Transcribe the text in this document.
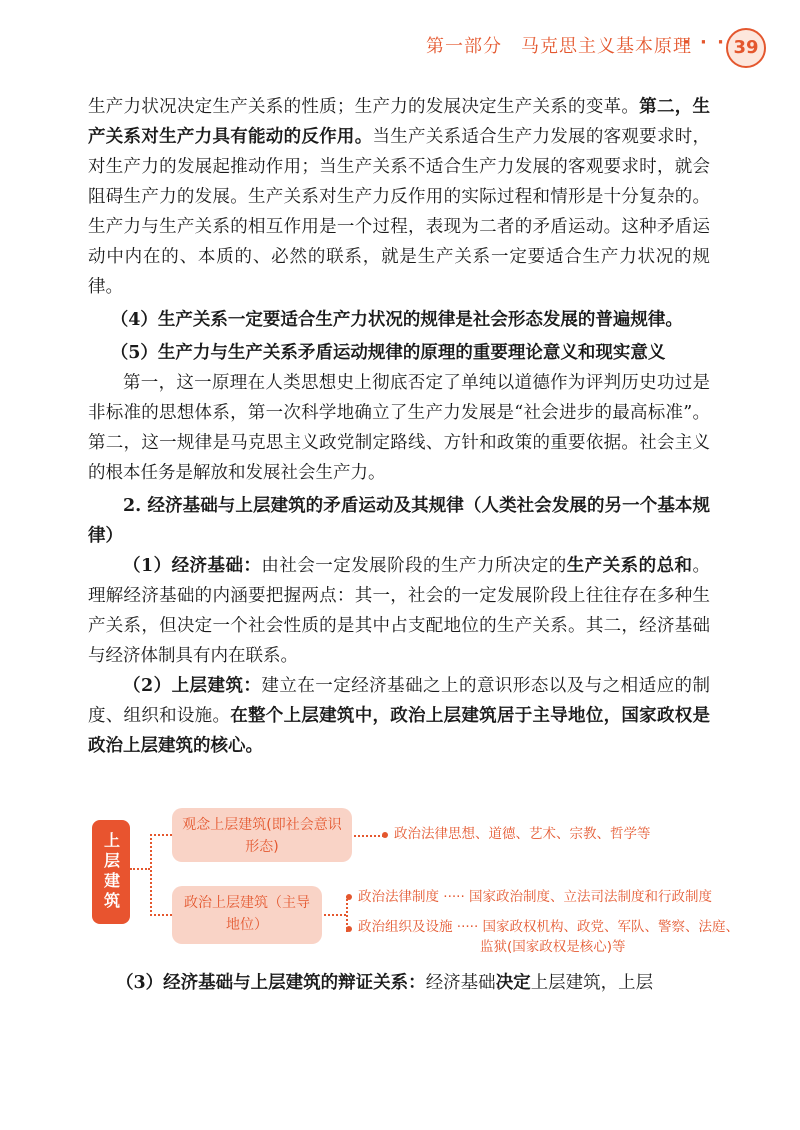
第一部分　马克思主义基本原理
· · · 39

生产力状况决定生产关系的性质；生产力的发展决定生产关系的变革。第二，生产关系对生产力具有能动的反作用。当生产关系适合生产力发展的客观要求时，对生产力的发展起推动作用；当生产关系不适合生产力发展的客观要求时，就会阻碍生产力的发展。生产关系对生产力反作用的实际过程和情形是十分复杂的。生产力与生产关系的相互作用是一个过程，表现为二者的矛盾运动。这种矛盾运动中内在的、本质的、必然的联系，就是生产关系一定要适合生产力状况的规律。

（4）生产关系一定要适合生产力状况的规律是社会形态发展的普遍规律。

（5）生产力与生产关系矛盾运动规律的原理的重要理论意义和现实意义

第一，这一原理在人类思想史上彻底否定了单纯以道德作为评判历史功过是非标准的思想体系，第一次科学地确立了生产力发展是“社会进步的最高标准”。第二，这一规律是马克思主义政党制定路线、方针和政策的重要依据。社会主义的根本任务是解放和发展社会生产力。

2. 经济基础与上层建筑的矛盾运动及其规律（人类社会发展的另一个基本规律）

（1）经济基础：由社会一定发展阶段的生产力所决定的生产关系的总和。理解经济基础的内涵要把握两点：其一，社会的一定发展阶段上往往存在多种生产关系，但决定一个社会性质的是其中占支配地位的生产关系。其二，经济基础与经济体制具有内在联系。

（2）上层建筑：建立在一定经济基础之上的意识形态以及与之相适应的制度、组织和设施。在整个上层建筑中，政治上层建筑居于主导地位，国家政权是政治上层建筑的核心。

上层建筑
观念上层建筑(即社会意识形态)
政治法律思想、道德、艺术、宗教、哲学等
政治上层建筑（主导地位）
政治法律制度 ····· 国家政治制度、立法司法制度和行政制度
政治组织及设施 ····· 国家政权机构、政党、军队、警察、法庭、
监狱(国家政权是核心)等
（3）经济基础与上层建筑的辩证关系：经济基础决定上层建筑，上层
